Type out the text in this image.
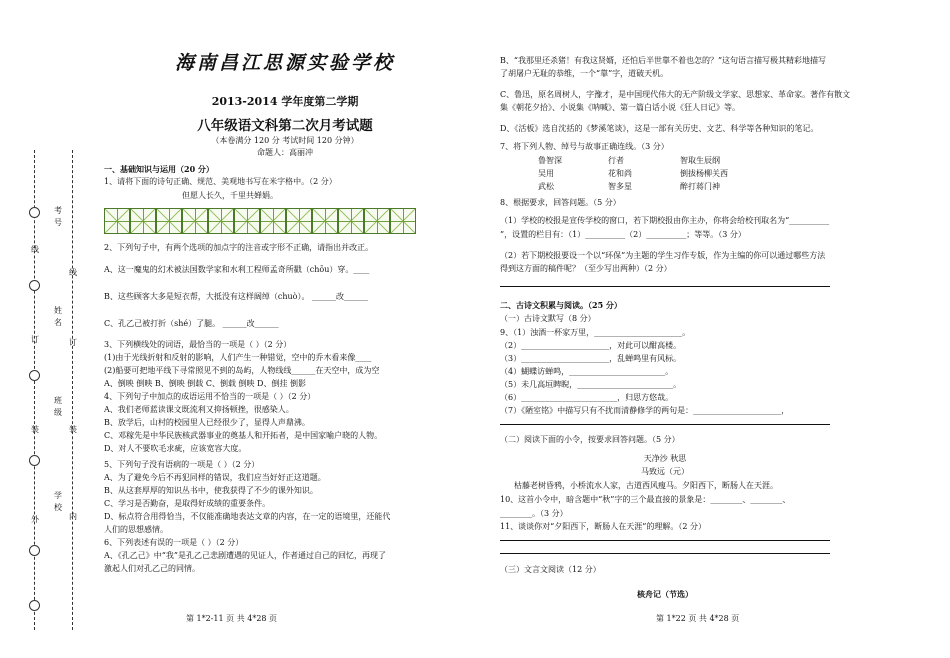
线
订
装
外
考号
姓名
班级
学校
线
订
装
内
海南昌江思源实验学校
2013-2014 学年度第二学期
八年级语文科第二次月考试题
（本卷满分 120 分 考试时间 120 分钟）
命题人：高丽冲
一、基础知识与运用（20 分）
1、请将下面的诗句正确、规范、美观地书写在米字格中。（2 分）
但愿人长久，千里共婵娟。
2、下列句子中，有两个选项的加点字的注音或字形不正确，请指出并改正。
A、这一魔鬼的幻术被法国数学家和水利工程师孟奇所戳（chōu）穿。____
B、这些顾客大多是短衣帮，大抵没有这样阔绰（chuò）。 ______改______
C、孔乙己被打折（shé）了腿。 ______改______
3、下列横线处的词语，最恰当的一项是（ ）（2 分）
(1)由于光线折射和反射的影响，人们产生一种错觉，空中的乔木看来像____
(2)船要可把地平线下寻常照见不到的岛屿，人物线线______在天空中，成为空
A、倒映 倒映 B、倒映 倒载 C、倒载 倒映 D、倒挂 倒影
4、下列句子中加点的成语运用不恰当的一项是（ ）（2 分）
A、我们老师蓝读课文既流利又抑扬顿挫，很感染人。
B、放学后，山村的校园里人已经很少了，显得人声鼎沸。
C、邓稼先是中华民族核武器事业的奠基人和开拓者，是中国家喻户晓的人物。
D、对人不要吹毛求疵，应该宽容大度。
5、下列句子没有语病的一项是（ ）（2 分）
A、为了避免今后不再犯同样的错误，我们应当好好正这道题。
B、从这套厚厚的知识丛书中，使我获得了不少的课外知识。
C、学习是否勤奋，是取得好成绩的重要条件。
D、标点符合用得恰当，不仅能准确地表达文章的内容，在一定的语境里，还能代
人们的思想感情。
6、下列表述有误的一项是（ ）（2 分）
A、《孔乙己》中“我”是孔乙己悲剧遭遇的见证人，作者通过自己的回忆，再现了
激起人们对孔乙己的同情。
第 1*2-11 页 共 4*28 页
B、“我那里还杀猪！有我这贤婿，还怕后半世靠不着也怎的？”这句语言描写极其精彩地描写
了胡屠户无耻的恭维，一个“靠”字，道破天机。
C、鲁迅，原名周树人，字豫才，是中国现代伟大的无产阶级文学家、思想家、革命家。著作有散文
集《朝花夕拾》、小说集《呐喊》、第一篇白话小说《狂人日记》等。
D、《活板》选自沈括的《梦溪笔谈》，这是一部有关历史、文艺、科学等各种知识的笔记。
7、将下列人物、绰号与故事正确连线。（3 分）
鲁智深	行者	智取生辰纲
吴用	花和尚	倒拔杨柳关西
武松	智多星	醉打蒋门神
8、根据要求，回答问题。（5 分）
（1）学校的校报是宣传学校的窗口，若下期校报由你主办，你将会给校刊取名为“__________
”，设置的栏目有：（1）__________（2）__________；等等。（3 分）
（2）若下期校报要设一个以“环保”为主题的学生习作专版，作为主编的你可以通过哪些方法
得到这方面的稿件呢？（至少写出两种）（2 分）
二、古诗文积累与阅读。（25 分）
（一）古诗文默写（8 分）
9、（1）浊酒一杯家万里，______________________。
（2）______________________，对此可以酣高楼。
（3）______________________，乱蝉鸣里有风标。
（4）蝴蝶访蝉鸣，________________________。
（5）未几高垣睥睨，________________________。
（6）________________________，归思方悠哉。
（7）《陋室铭》中描写只有不扰而清静修学的两句是：______________________，
（二）阅读下面的小令，按要求回答问题。（5 分）
天净沙 秋思
马致远（元）
枯藤老树昏鸦，小桥流水人家，古道西风瘦马。夕阳西下，断肠人在天涯。
10、这首小令中，暗含题中“秋”字的三个最直接的景象是：________、________、
________。（3 分）
11、谈谈你对“夕阳西下，断肠人在天涯”的理解。（2 分）
（三）文言文阅读（12 分）
核舟记（节选）
第 1*22 页 共 4*28 页
